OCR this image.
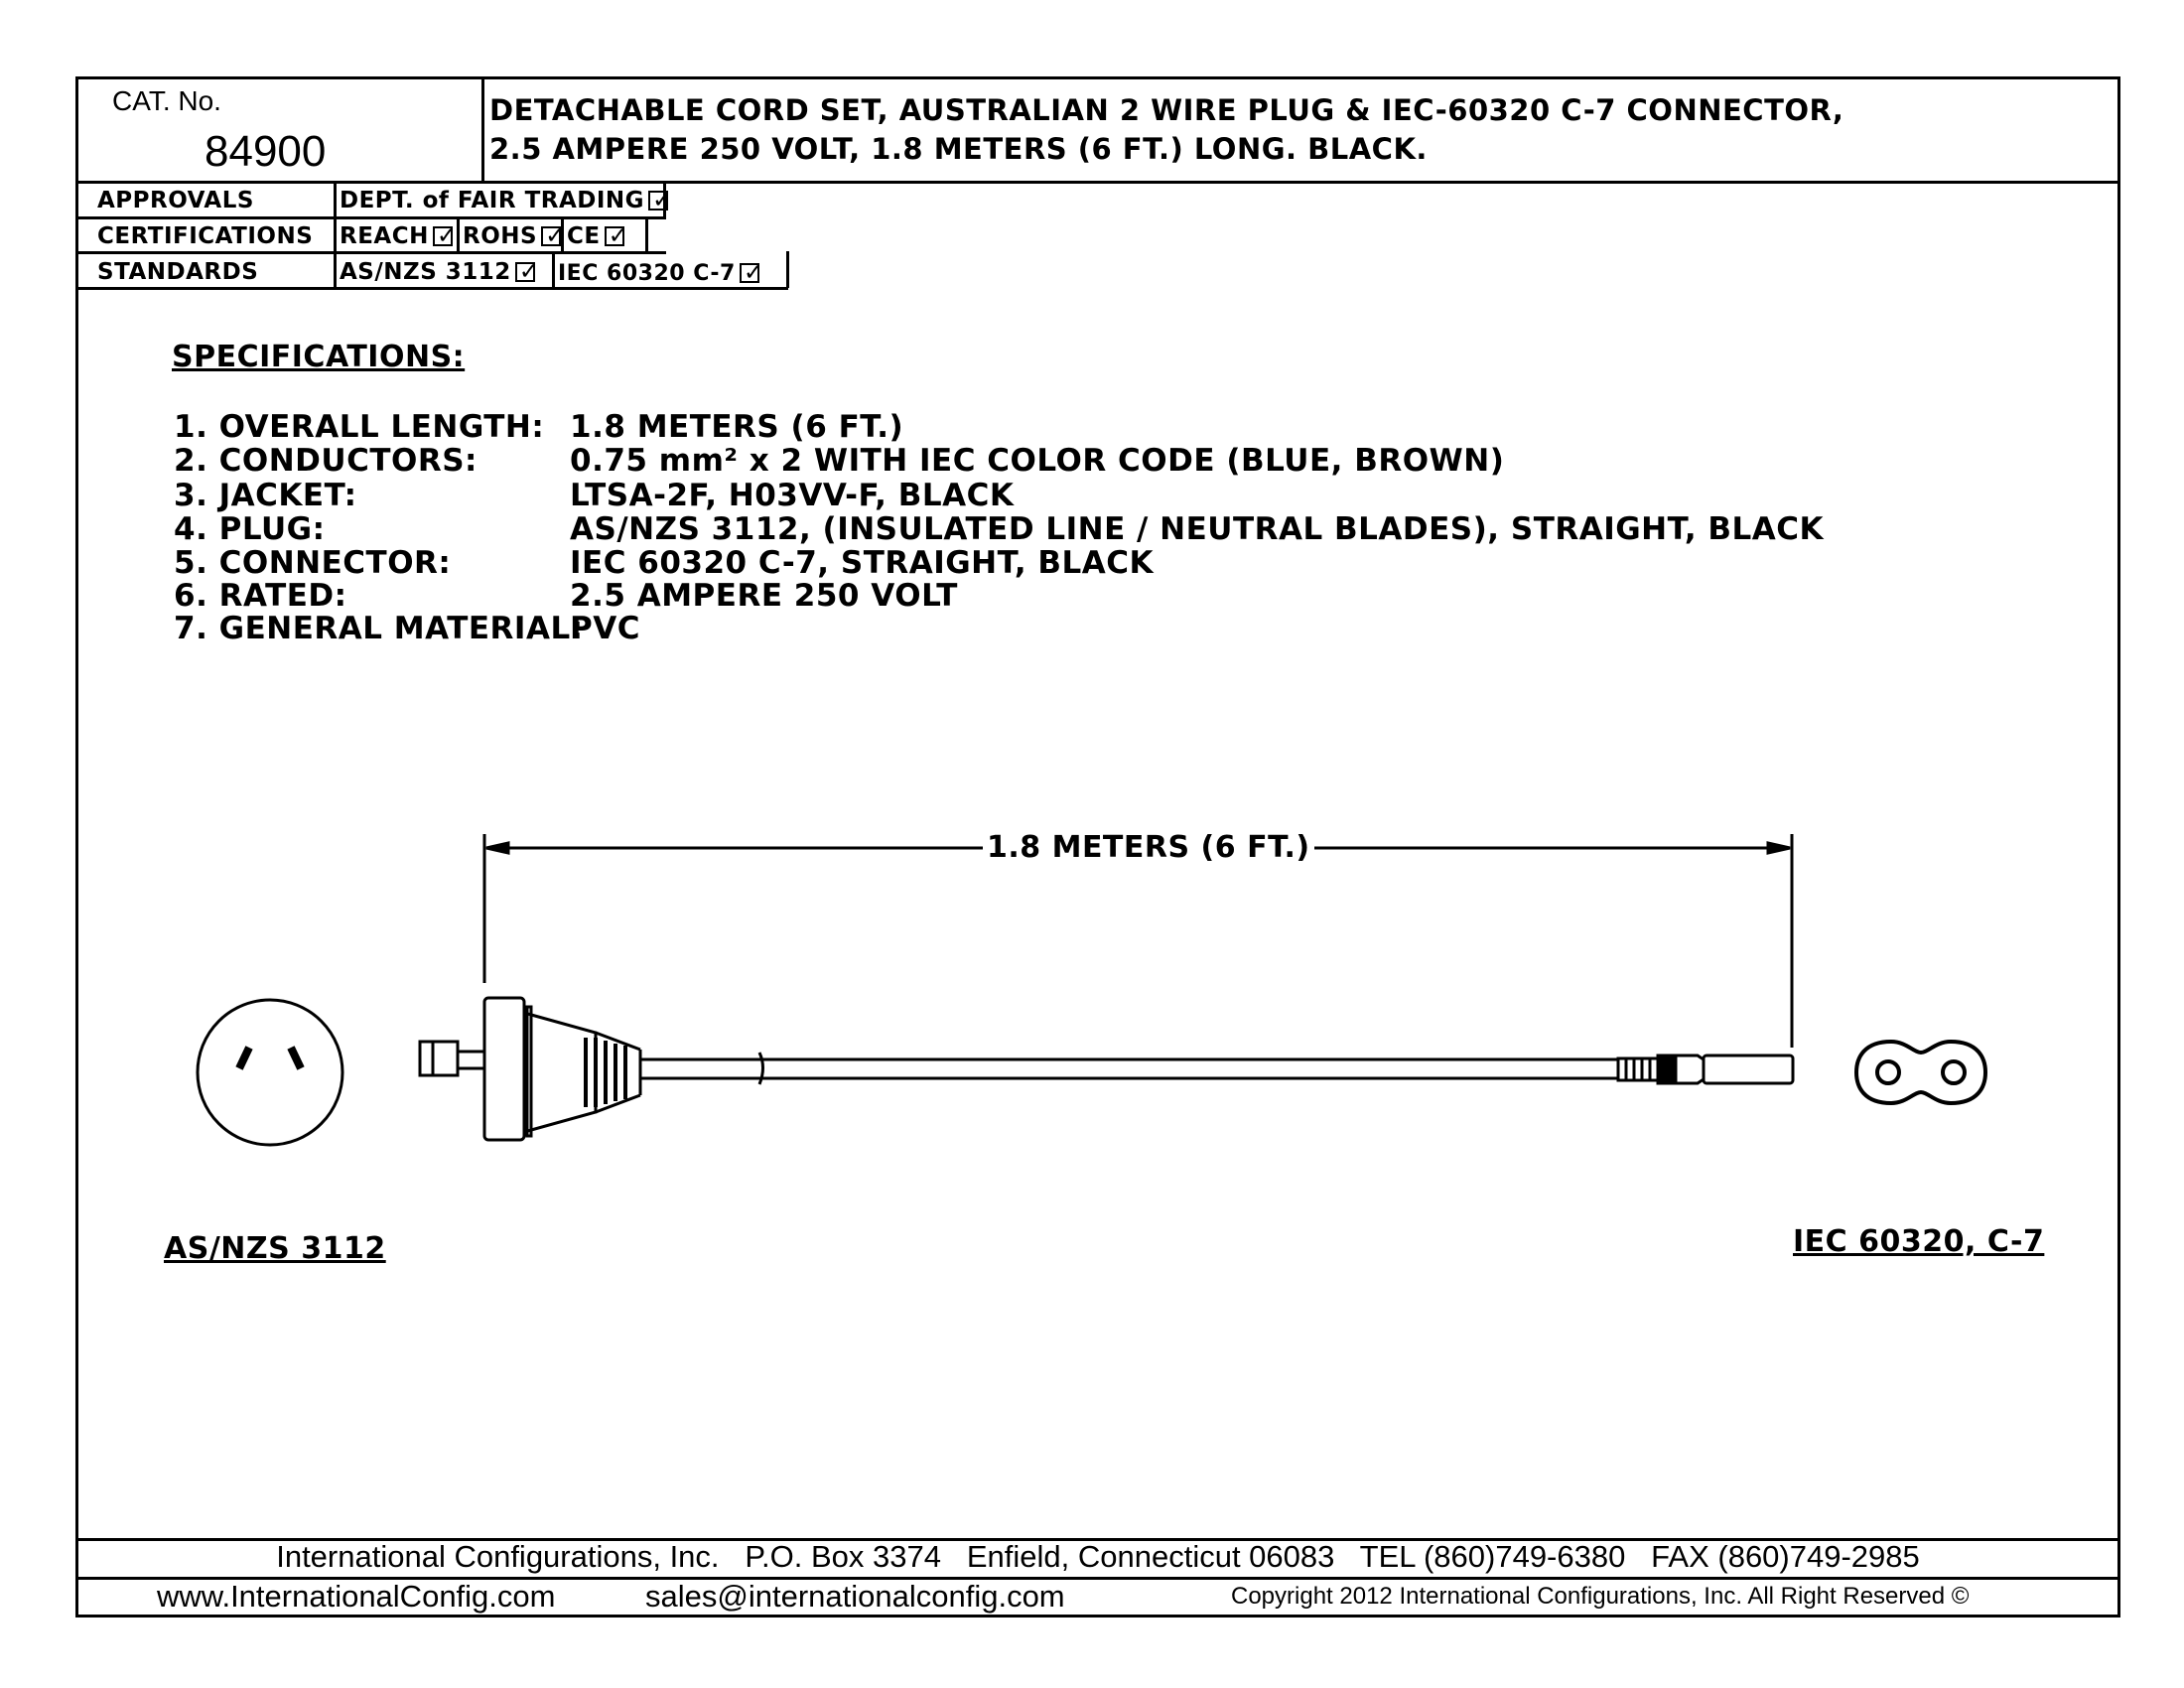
CAT. No.
84900
DETACHABLE CORD SET, AUSTRALIAN 2 WIRE PLUG & IEC-60320 C-7 CONNECTOR,
2.5 AMPERE 250 VOLT, 1.8 METERS (6 FT.) LONG. BLACK.
APPROVALS	DEPT. of FAIR TRADING✓
CERTIFICATIONS REACH ✓	ROHS ✓	CE✓
STANDARDS	AS/NZS 3112 ✓	IEC 60320 C-7✓
SPECIFICATIONS:
1. OVERALL LENGTH: 1.8 METERS (6 FT.)
2. CONDUCTORS:	0.75 mm² x 2 WITH IEC COLOR CODE (BLUE, BROWN)
3. JACKET:	LTSA-2F, H03VV-F, BLACK
4. PLUG:	AS/NZS 3112, (INSULATED LINE / NEUTRAL BLADES), STRAIGHT, BLACK
5. CONNECTOR:	IEC 60320 C-7, STRAIGHT, BLACK
6. RATED:	2.5 AMPERE 250 VOLT
7. GENERAL MATERIAL:
PVC
1.8 METERS (6 FT.)
AS/NZS 3112	IEC 60320, C-7
International Configurations, Inc.   P.O. Box 3374   Enfield, Connecticut 06083   TEL (860)749-6380   FAX (860)749-2985
www.InternationalConfig.com	sales@internationalconfig.com	Copyright 2012 International Configurations, Inc. All Right Reserved ©
